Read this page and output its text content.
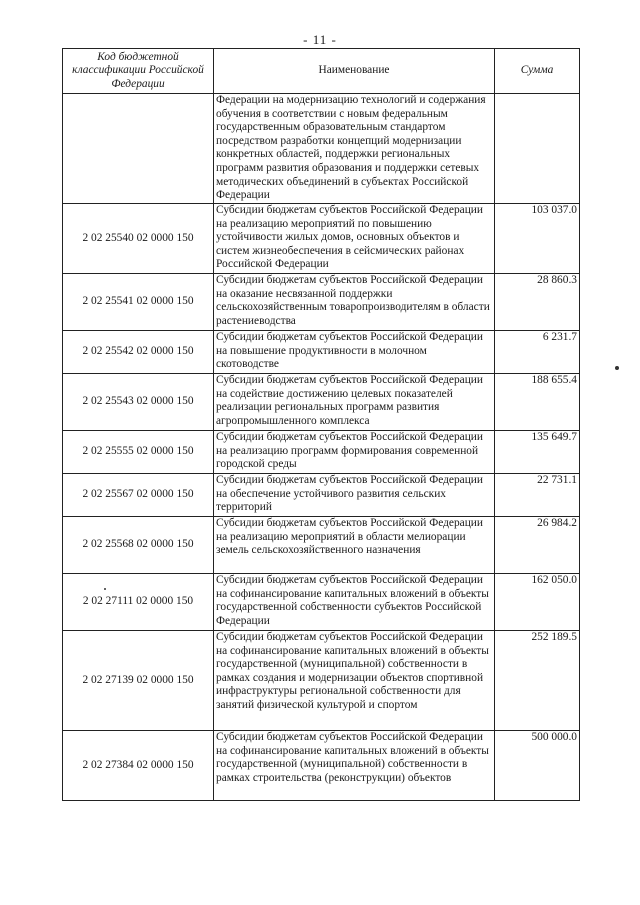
- 11 -
Код бюджетной классификации Российской Федерации	Наименование	Сумма
	Федерации на модернизацию технологий и содержания обучения в соответствии с новым федеральным государственным образовательным стандартом посредством разработки концепций модернизации конкретных областей, поддержки региональных программ развития образования и поддержки сетевых методических объединений в субъектах Российской Федерации	
2 02 25540 02 0000 150	Субсидии бюджетам субъектов Российской Федерации на реализацию мероприятий по повышению устойчивости жилых домов, основных объектов и систем жизнеобеспечения в сейсмических районах Российской Федерации	103 037.0
2 02 25541 02 0000 150	Субсидии бюджетам субъектов Российской Федерации на оказание несвязанной поддержки сельскохозяйственным товаропроизводителям в области растениеводства	28 860.3
2 02 25542 02 0000 150	Субсидии бюджетам субъектов Российской Федерации на повышение продуктивности в молочном скотоводстве	6 231.7
2 02 25543 02 0000 150	Субсидии бюджетам субъектов Российской Федерации на содействие достижению целевых показателей реализации региональных программ развития агропромышленного комплекса	188 655.4
2 02 25555 02 0000 150	Субсидии бюджетам субъектов Российской Федерации на реализацию программ формирования современной городской среды	135 649.7
2 02 25567 02 0000 150	Субсидии бюджетам субъектов Российской Федерации на обеспечение устойчивого развития сельских территорий	22 731.1
2 02 25568 02 0000 150	Субсидии бюджетам субъектов Российской Федерации на реализацию мероприятий в области мелиорации земель сельскохозяйственного назначения	26 984.2
2 02 27111 02 0000 150	Субсидии бюджетам субъектов Российской Федерации на софинансирование капитальных вложений в объекты государственной собственности субъектов Российской Федерации	162 050.0
2 02 27139 02 0000 150	Субсидии бюджетам субъектов Российской Федерации на софинансирование капитальных вложений в объекты государственной (муниципальной) собственности в рамках создания и модернизации объектов спортивной инфраструктуры региональной собственности для занятий физической культурой и спортом	252 189.5
2 02 27384 02 0000 150	Субсидии бюджетам субъектов Российской Федерации на софинансирование капитальных вложений в объекты государственной (муниципальной) собственности в рамках строительства (реконструкции) объектов	500 000.0
